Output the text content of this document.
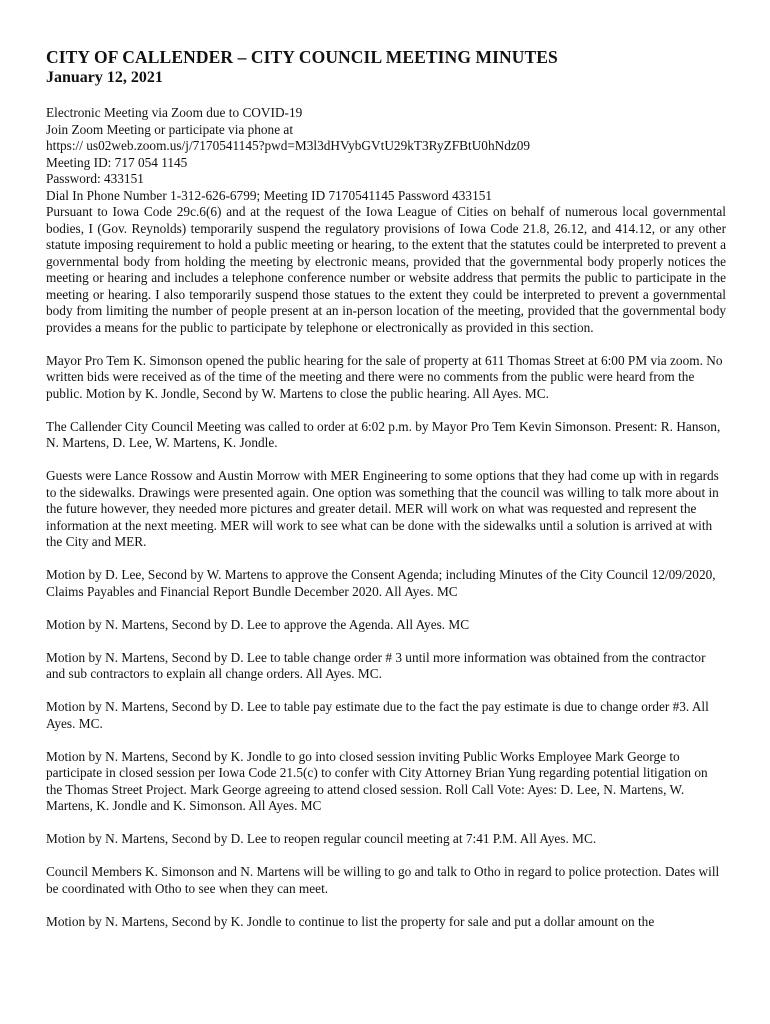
CITY OF CALLENDER – CITY COUNCIL MEETING MINUTES
January 12, 2021

Electronic Meeting via Zoom due to COVID-19

Join Zoom Meeting or participate via phone at

https:// us02web.zoom.us/j/7170541145?pwd=M3l3dHVybGVtU29kT3RyZFBtU0hNdz09

Meeting ID: 717 054 1145

Password: 433151

Dial In Phone Number 1-312-626-6799; Meeting ID 7170541145 Password 433151

Pursuant to Iowa Code 29c.6(6) and at the request of the Iowa League of Cities on behalf of numerous local governmental bodies, I (Gov. Reynolds) temporarily suspend the regulatory provisions of Iowa Code 21.8, 26.12, and 414.12, or any other statute imposing requirement to hold a public meeting or hearing, to the extent that the statutes could be interpreted to prevent a governmental body from holding the meeting by electronic means, provided that the governmental body properly notices the meeting or hearing and includes a telephone conference number or website address that permits the public to participate in the meeting or hearing. I also temporarily suspend those statues to the extent they could be interpreted to prevent a governmental body from limiting the number of people present at an in-person location of the meeting, provided that the governmental body provides a means for the public to participate by telephone or electronically as provided in this section.

Mayor Pro Tem K. Simonson opened the public hearing for the sale of property at 611 Thomas Street at 6:00 PM via zoom. No written bids were received as of the time of the meeting and there were no comments from the public were heard from the public. Motion by K. Jondle, Second by W. Martens to close the public hearing. All Ayes. MC.

The Callender City Council Meeting was called to order at 6:02 p.m. by Mayor Pro Tem Kevin Simonson. Present: R. Hanson, N. Martens, D. Lee, W. Martens, K. Jondle.

Guests were Lance Rossow and Austin Morrow with MER Engineering to some options that they had come up with in regards to the sidewalks. Drawings were presented again. One option was something that the council was willing to talk more about in the future however, they needed more pictures and greater detail. MER will work on what was requested and represent the information at the next meeting. MER will work to see what can be done with the sidewalks until a solution is arrived at with the City and MER.

Motion by D. Lee, Second by W. Martens to approve the Consent Agenda; including Minutes of the City Council 12/09/2020, Claims Payables and Financial Report Bundle December 2020. All Ayes. MC

Motion by N. Martens, Second by D. Lee to approve the Agenda. All Ayes. MC

Motion by N. Martens, Second by D. Lee to table change order # 3 until more information was obtained from the contractor and sub contractors to explain all change orders. All Ayes. MC.

Motion by N. Martens, Second by D. Lee to table pay estimate due to the fact the pay estimate is due to change order #3. All Ayes. MC.

Motion by N. Martens, Second by K. Jondle to go into closed session inviting Public Works Employee Mark George to participate in closed session per Iowa Code 21.5(c) to confer with City Attorney Brian Yung regarding potential litigation on the Thomas Street Project. Mark George agreeing to attend closed session. Roll Call Vote: Ayes: D. Lee, N. Martens, W. Martens, K. Jondle and K. Simonson. All Ayes. MC

Motion by N. Martens, Second by D. Lee to reopen regular council meeting at 7:41 P.M. All Ayes. MC.

Council Members K. Simonson and N. Martens will be willing to go and talk to Otho in regard to police protection. Dates will be coordinated with Otho to see when they can meet.

Motion by N. Martens, Second by K. Jondle to continue to list the property for sale and put a dollar amount on the
